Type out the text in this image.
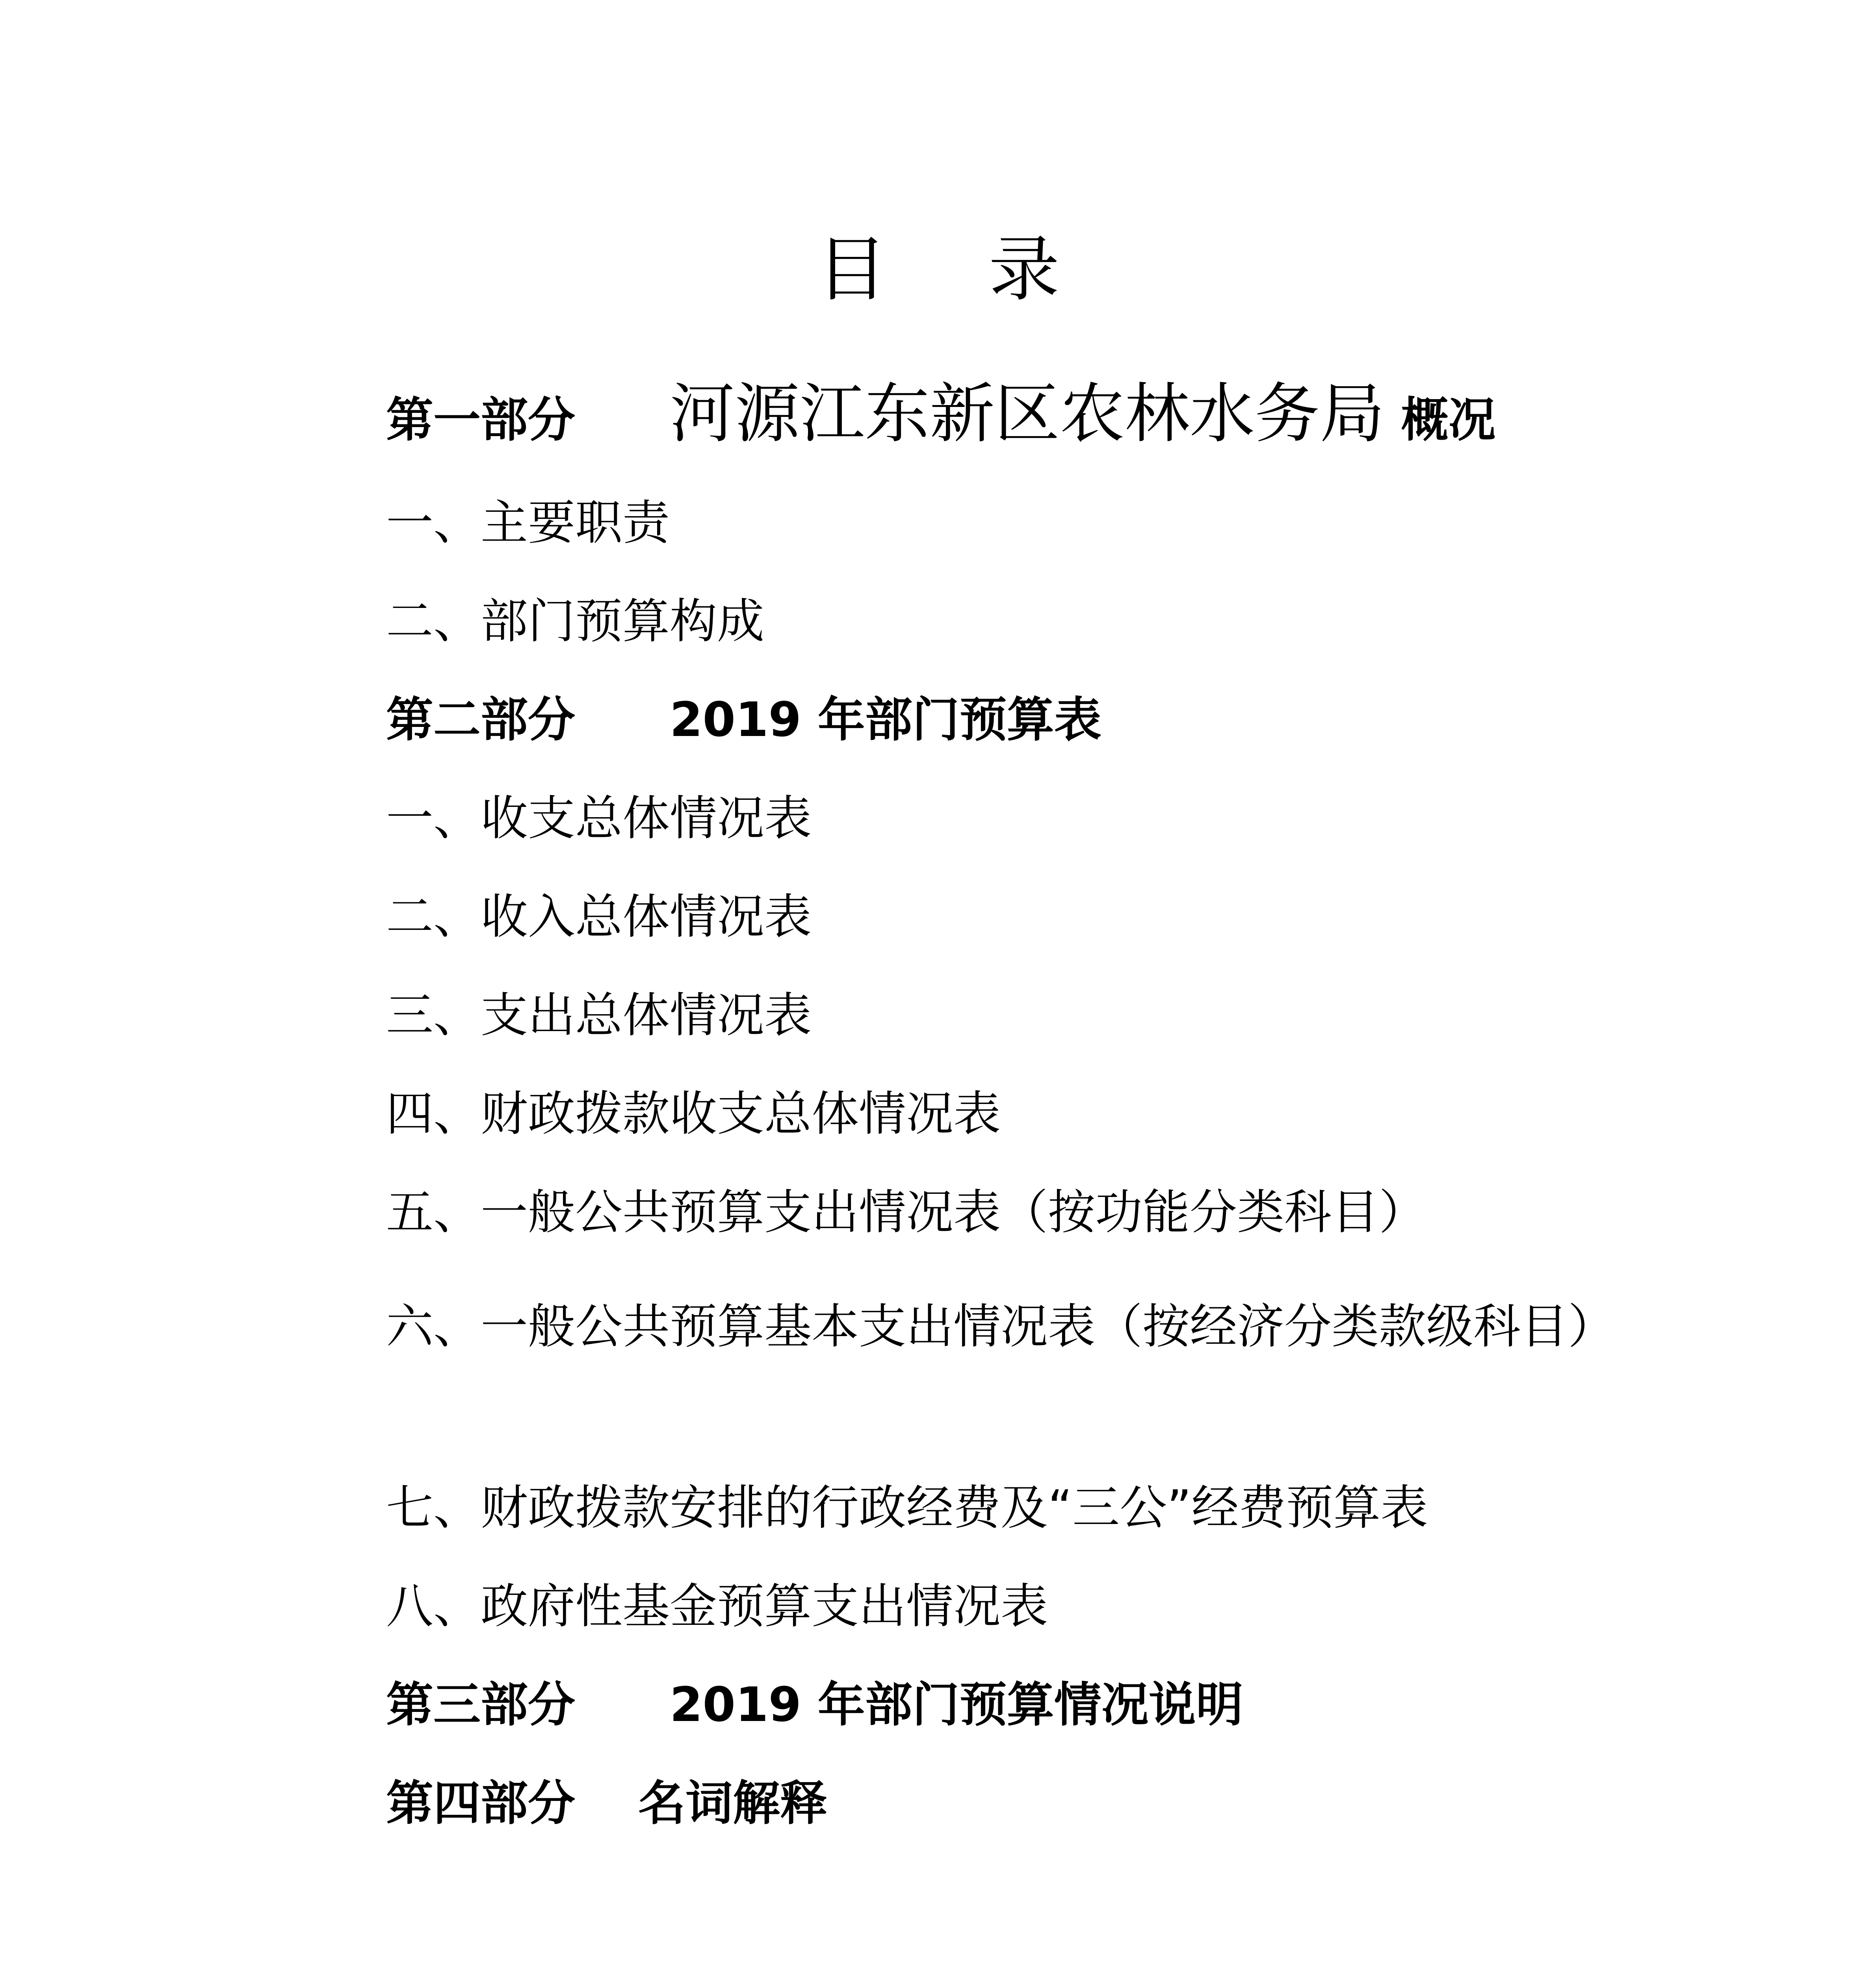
目 录
第一部分 河源江东新区农林水务局 概况
一、主要职责
二、部门预算构成
第二部分 2019 年部门预算表
一、收支总体情况表
二、收入总体情况表
三、支出总体情况表
四、财政拨款收支总体情况表
五、一般公共预算支出情况表（按功能分类科目）
六、一般公共预算基本支出情况表（按经济分类款级科目）
七、财政拨款安排的行政经费及“三公”经费预算表
八、政府性基金预算支出情况表
第三部分 2019 年部门预算情况说明
第四部分 名词解释
